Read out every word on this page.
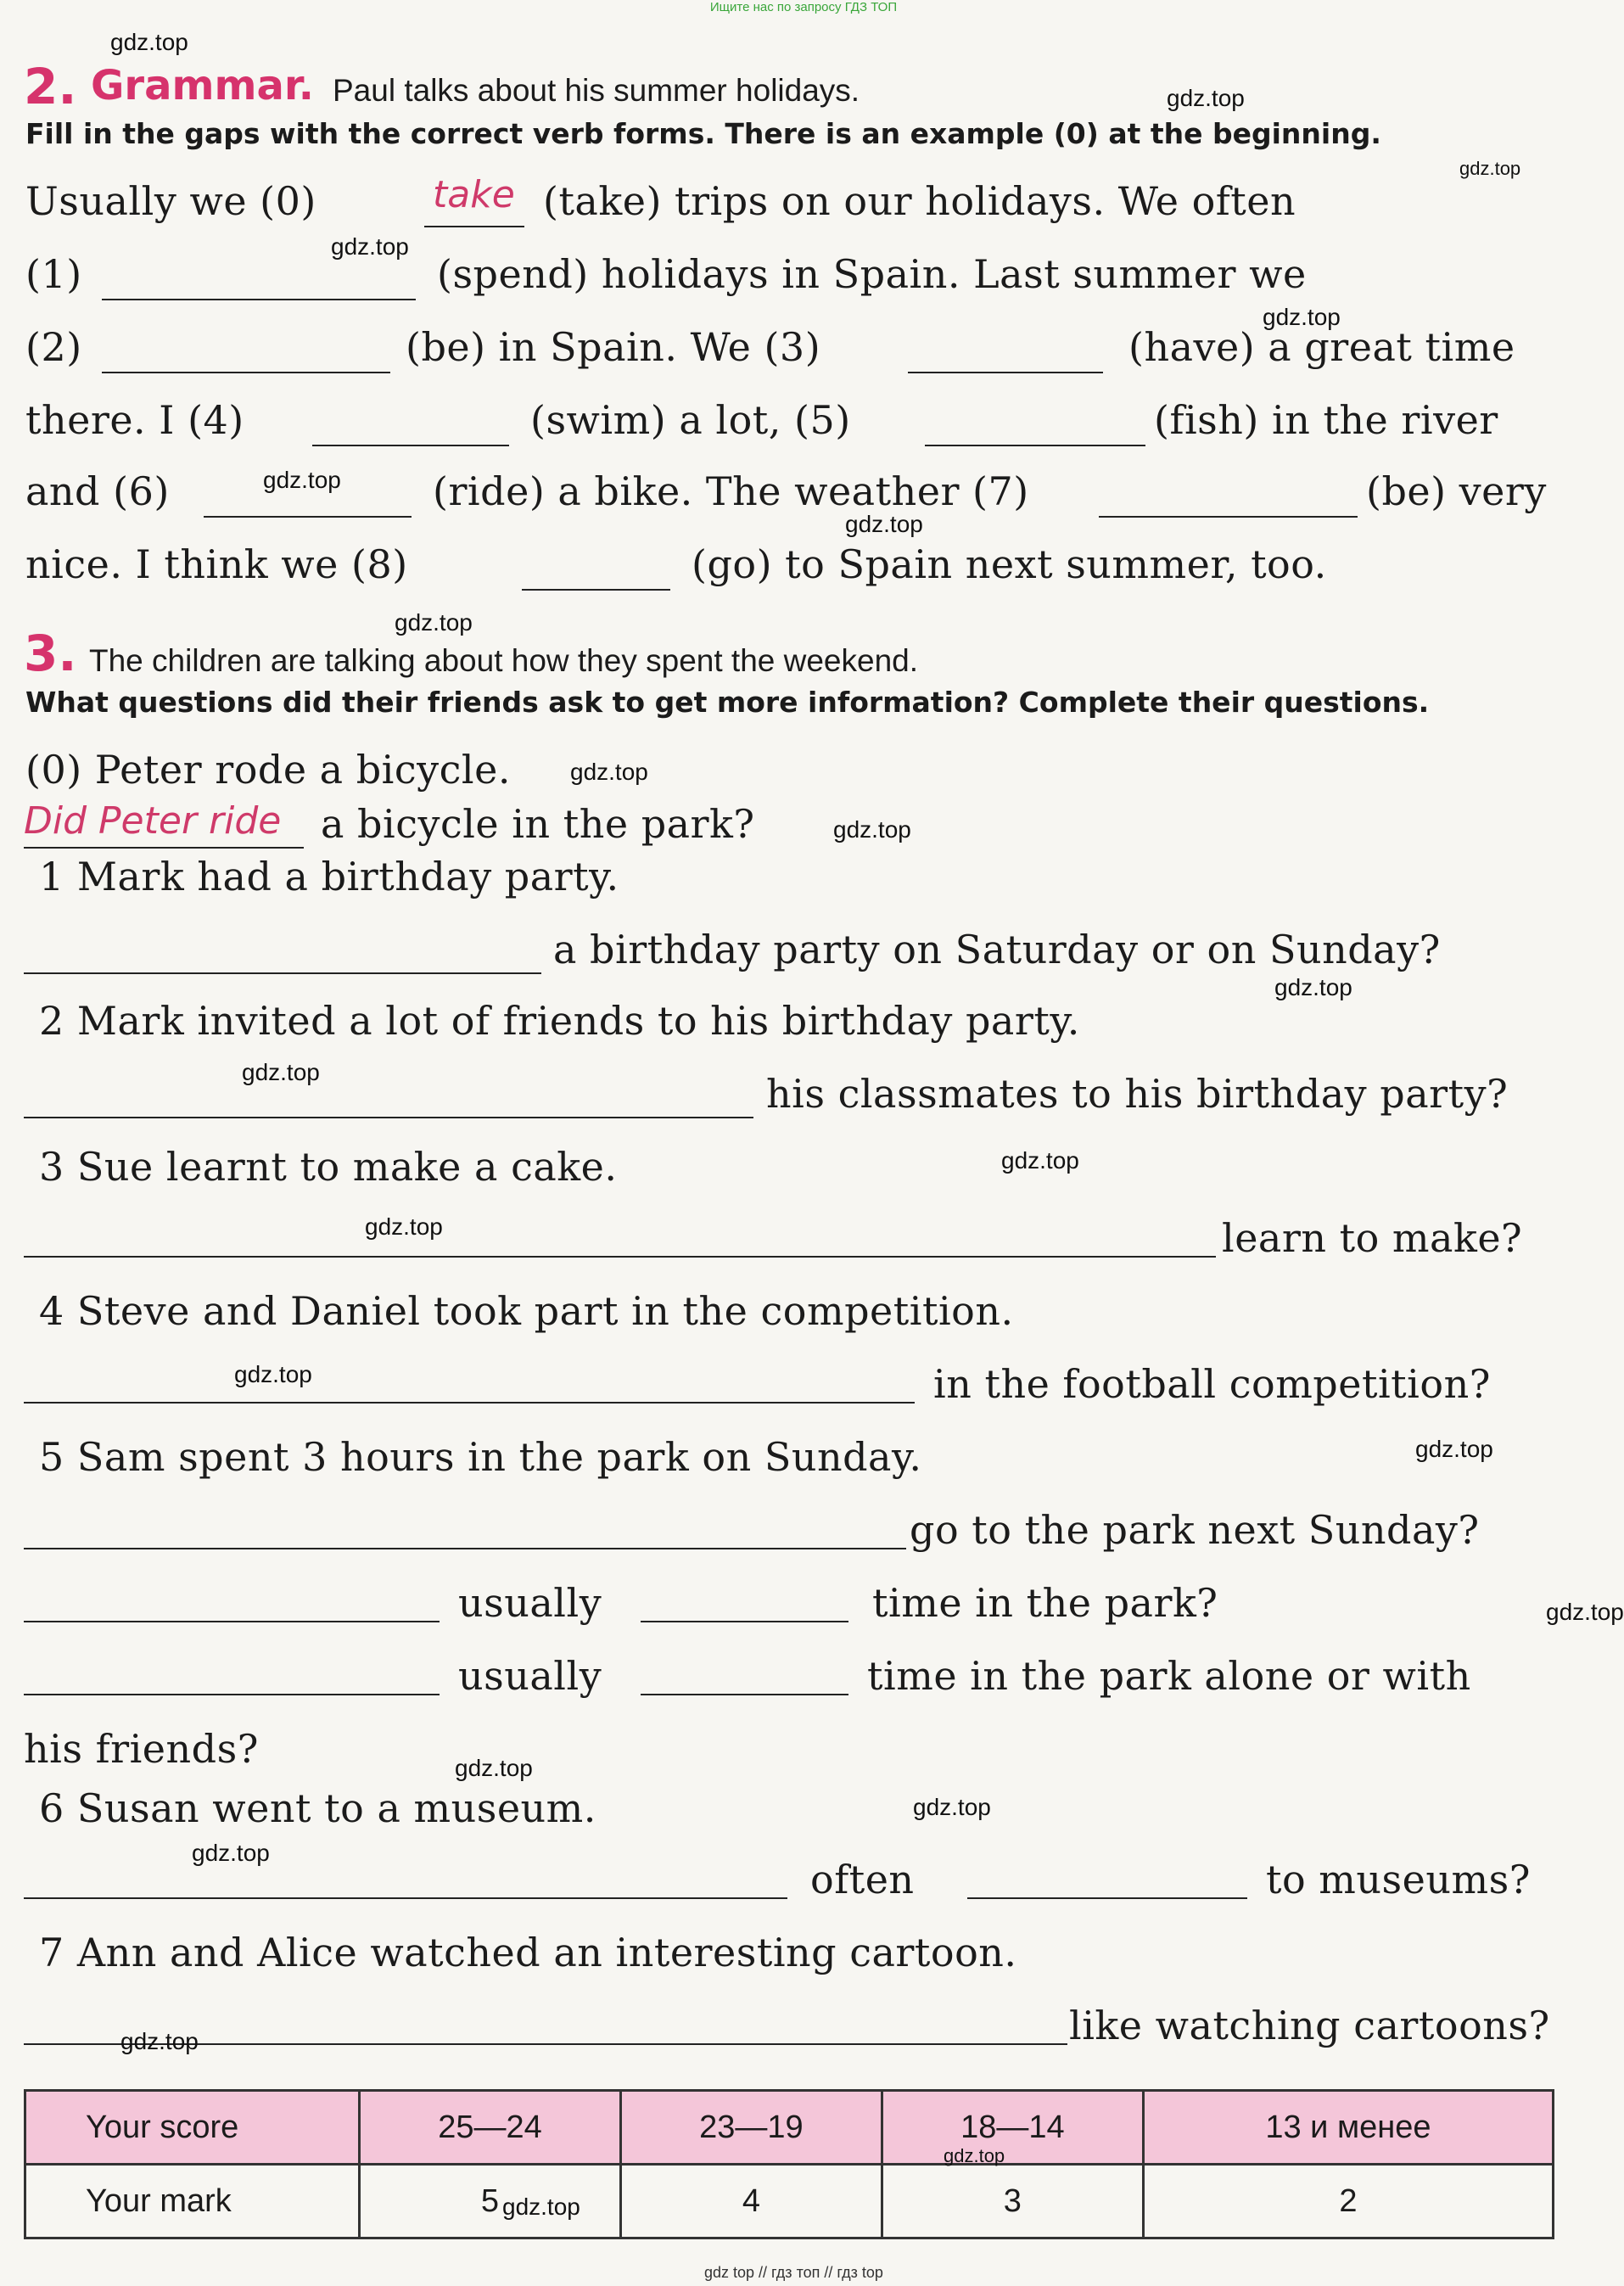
Ищите нас по запросу ГДЗ ТОП
2. Grammar. Paul talks about his summer holidays.
Fill in the gaps with the correct verb forms. There is an example (0) at the beginning.
Usually we (0)	take (take) trips on our holidays. We often
(1)	(spend) holidays in Spain. Last summer we
(2)	(be) in Spain. We (3)	(have) a great time
there. I (4)	(swim) a lot, (5)	(fish) in the river
and (6)	(ride) a bike. The weather (7)	(be) very
nice. I think we (8)	(go) to Spain next summer, too.
3. The children are talking about how they spent the weekend.
What questions did their friends ask to get more information? Complete their questions.
(0) Peter rode a bicycle.
Did Peter ride a bicycle in the park?
1 Mark had a birthday party.
a birthday party on Saturday or on Sunday?
2 Mark invited a lot of friends to his birthday party.
his classmates to his birthday party?
3 Sue learnt to make a cake.
learn to make?
4 Steve and Daniel took part in the competition.
in the football competition?
5 Sam spent 3 hours in the park on Sunday.
go to the park next Sunday?
usually	time in the park?
usually	time in the park alone or with
his friends?
6 Susan went to a museum.
often	to museums?
7 Ann and Alice watched an interesting cartoon.
like watching cartoons?
Your score	25—24	23—19	18—14	13 и менее
Your mark	5	4	3	2
gdz.top
gdz.top
gdz.top
gdz.top
gdz.top
gdz.top
gdz.top
gdz.top
gdz.top
gdz.top
gdz.top
gdz.top
gdz.top
gdz.top
gdz.top
gdz.top
gdz.top
gdz.top
gdz.top
gdz.top
gdz.top
gdz.top
gdz.top
gdz top // гдз топ // гдз top
